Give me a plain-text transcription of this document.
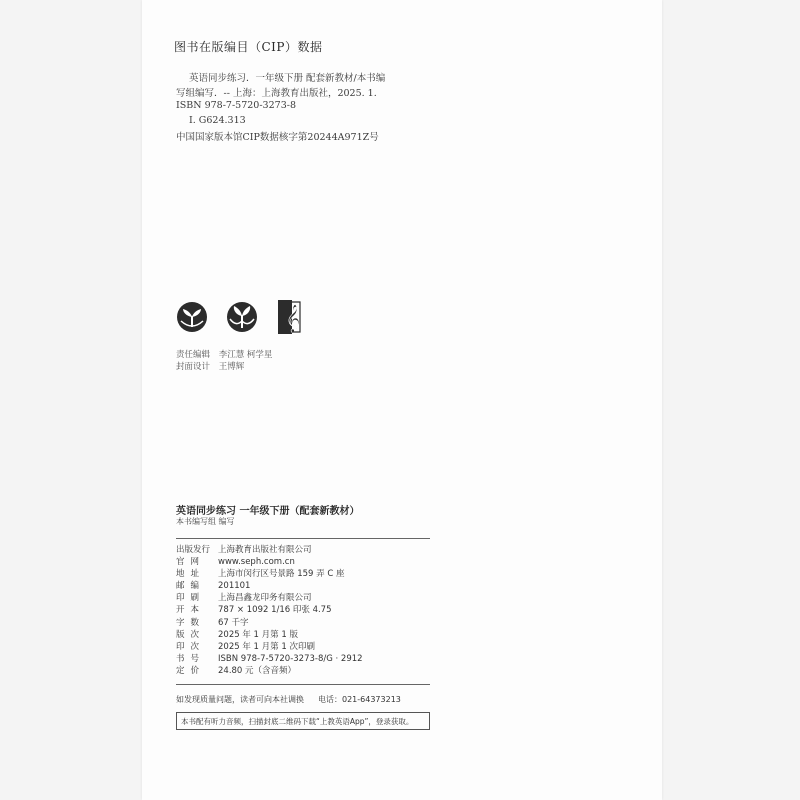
图书在版编目（CIP）数据
英语同步练习．一年级下册 配套新教材/本书编
写组编写．-- 上海：上海教育出版社，2025. 1.
ISBN 978-7-5720-3273-8
Ⅰ. G624.313
中国国家版本馆CIP数据核字第20244A971Z号
𝄞
责任编辑 李江慧 柯学星
封面设计 王博辉
英语同步练习 一年级下册（配套新教材）
本书编写组 编写
出版发行 上海教育出版社有限公司
官网 www.seph.com.cn
地址 上海市闵行区号景路 159 弄 C 座
邮编 201101
印刷 上海昌鑫龙印务有限公司
开本 787 × 1092 1/16 印张 4.75
字数 67 千字
版次 2025 年 1 月第 1 版
印次 2025 年 1 月第 1 次印刷
书号 ISBN 978-7-5720-3273-8/G · 2912
定价 24.80 元（含音频）
如发现质量问题，读者可向本社调换 电话：021-64373213
本书配有听力音频，扫描封底二维码下载“上教英语App”，登录获取。
